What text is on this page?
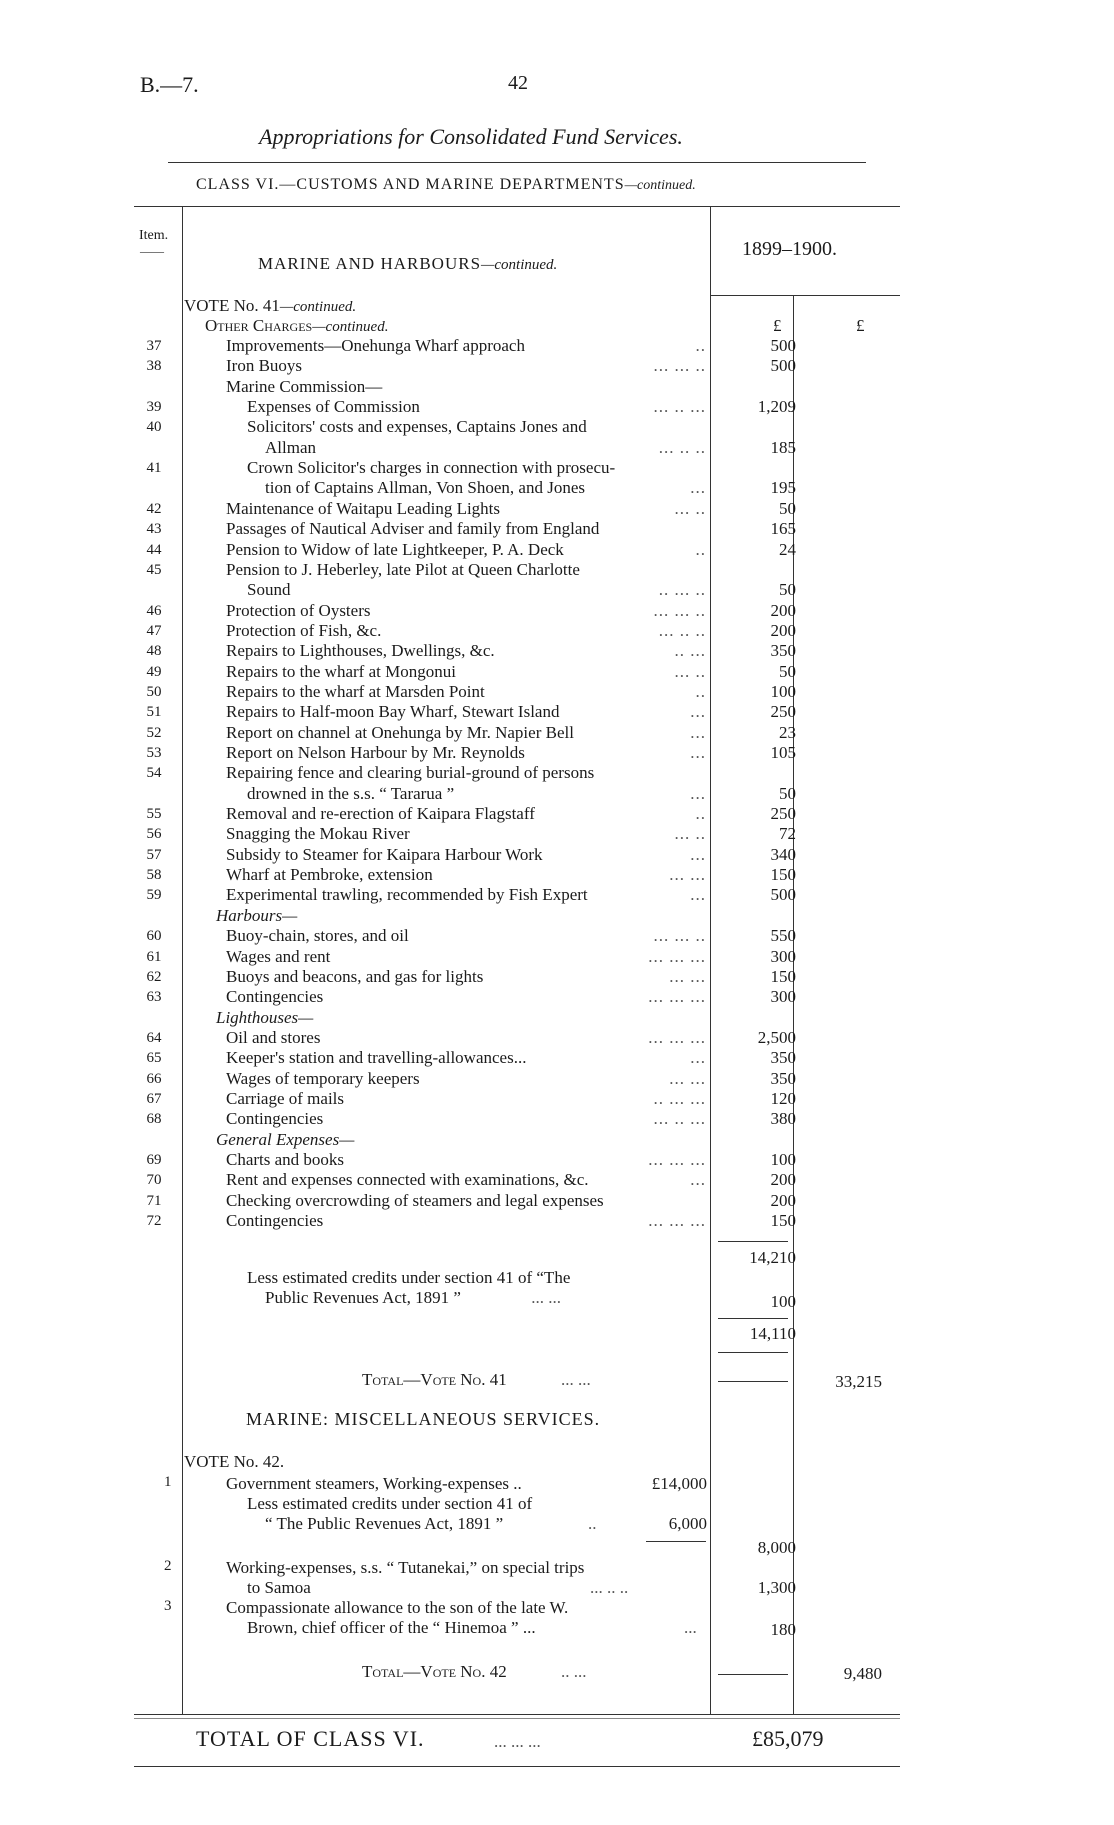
B.—7.	42
Appropriations for Consolidated Fund Services.
CLASS VI.—CUSTOMS AND MARINE DEPARTMENTS—continued.
Item.
——
MARINE AND HARBOURS—continued.
1899–1900.
VOTE No. 41—continued.
Other Charges—continued.	£	£
37	Improvements—Onehunga Wharf approach	..	500
38	Iron Buoys	... ... ..	500
Marine Commission—
39	Expenses of Commission	... .. ...	1,209
40	Solicitors' costs and expenses, Captains Jones and
Allman	... .. ..	185
41	Crown Solicitor's charges in connection with prosecu-
tion of Captains Allman, Von Shoen, and Jones	...	195
42	Maintenance of Waitapu Leading Lights	... ..	50
43	Passages of Nautical Adviser and family from England	165
44	Pension to Widow of late Lightkeeper, P. A. Deck	..	24
45	Pension to J. Heberley, late Pilot at Queen Charlotte
Sound	.. ... ..	50
46	Protection of Oysters	... ... ..	200
47	Protection of Fish, &c.	... .. ..	200
48	Repairs to Lighthouses, Dwellings, &c.	.. ...	350
49	Repairs to the wharf at Mongonui	... ..	50
50	Repairs to the wharf at Marsden Point	..	100
51	Repairs to Half-moon Bay Wharf, Stewart Island	...	250
52	Report on channel at Onehunga by Mr. Napier Bell	...	23
53	Report on Nelson Harbour by Mr. Reynolds	...	105
54	Repairing fence and clearing burial-ground of persons
drowned in the s.s. “ Tararua ”	...	50
55	Removal and re-erection of Kaipara Flagstaff	..	250
56	Snagging the Mokau River	... ..	72
57	Subsidy to Steamer for Kaipara Harbour Work	...	340
58	Wharf at Pembroke, extension	... ...	150
59	Experimental trawling, recommended by Fish Expert	...	500
Harbours—
60	Buoy-chain, stores, and oil	... ... ..	550
61	Wages and rent	... ... ...	300
62	Buoys and beacons, and gas for lights	... ...	150
63	Contingencies	... ... ...	300
Lighthouses—
64	Oil and stores	... ... ...	2,500
65	Keeper's station and travelling-allowances...	...	350
66	Wages of temporary keepers	... ...	350
67	Carriage of mails	.. ... ...	120
68	Contingencies	... .. ...	380
General Expenses—
69	Charts and books	... ... ...	100
70	Rent and expenses connected with examinations, &c.	...	200
71	Checking overcrowding of steamers and legal expenses	200
72	Contingencies	... ... ...	150
14,210
Less estimated credits under section 41 of “The
Public Revenues Act, 1891 ”	... ...	100
14,110
Total—Vote No. 41	... ...	33,215
MARINE: MISCELLANEOUS SERVICES.
VOTE No. 42.
1	Government steamers, Working-expenses ..	£14,000
Less estimated credits under section 41 of
“ The Public Revenues Act, 1891 ”	..	6,000
8,000
2	Working-expenses, s.s. “ Tutanekai,” on special trips
to Samoa	... .. ..	1,300
3	Compassionate allowance to the son of the late W.
Brown, chief officer of the “ Hinemoa ” ...	...	180
Total—Vote No. 42	.. ...	9,480
TOTAL OF CLASS VI.	... ... ...	£85,079
